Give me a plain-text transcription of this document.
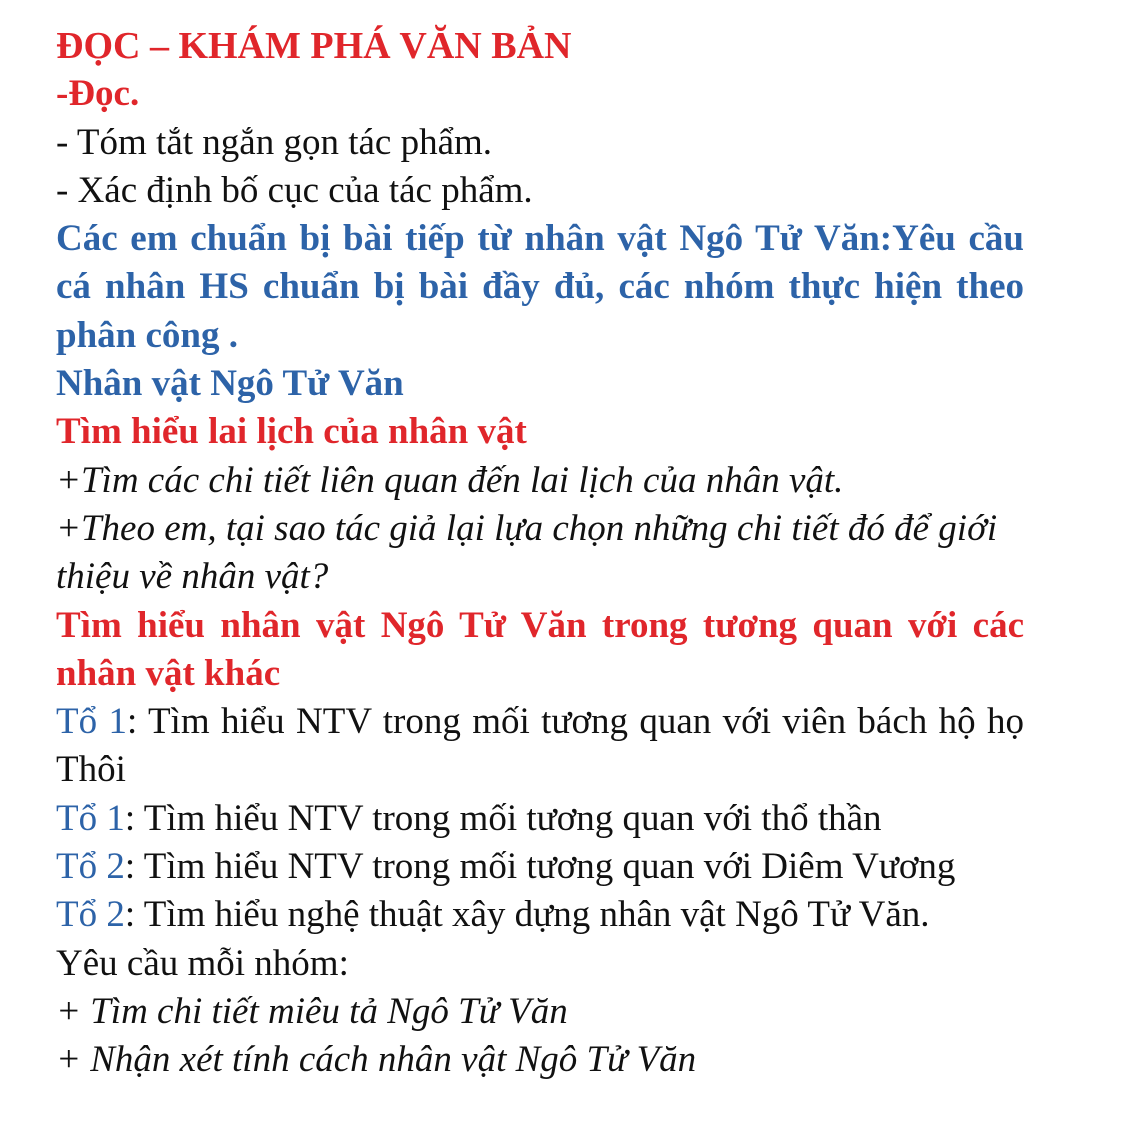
ĐỌC – KHÁM PHÁ VĂN BẢN
-Đọc.
- Tóm tắt ngắn gọn tác phẩm.
- Xác định bố cục của tác phẩm.
Các em chuẩn bị bài tiếp từ nhân vật Ngô Tử Văn:Yêu cầu cá nhân HS chuẩn bị bài đầy đủ, các nhóm thực hiện theo phân công .
Nhân vật Ngô Tử Văn
Tìm hiểu lai lịch của nhân vật
+Tìm các chi tiết liên quan đến lai lịch của nhân vật.
+Theo em, tại sao tác giả lại lựa chọn những chi tiết đó để giới thiệu về nhân vật?
Tìm hiểu nhân vật Ngô Tử Văn trong tương quan với các nhân vật khác
Tổ 1: Tìm hiểu NTV trong mối tương quan với viên bách hộ họ Thôi
Tổ 1: Tìm hiểu NTV trong mối tương quan với thổ thần
Tổ 2: Tìm hiểu NTV trong mối tương quan với Diêm Vương
Tổ 2: Tìm hiểu nghệ thuật xây dựng nhân vật Ngô Tử Văn.
Yêu cầu mỗi nhóm:
+ Tìm chi tiết miêu tả Ngô Tử Văn
+ Nhận xét tính cách nhân vật Ngô Tử Văn
